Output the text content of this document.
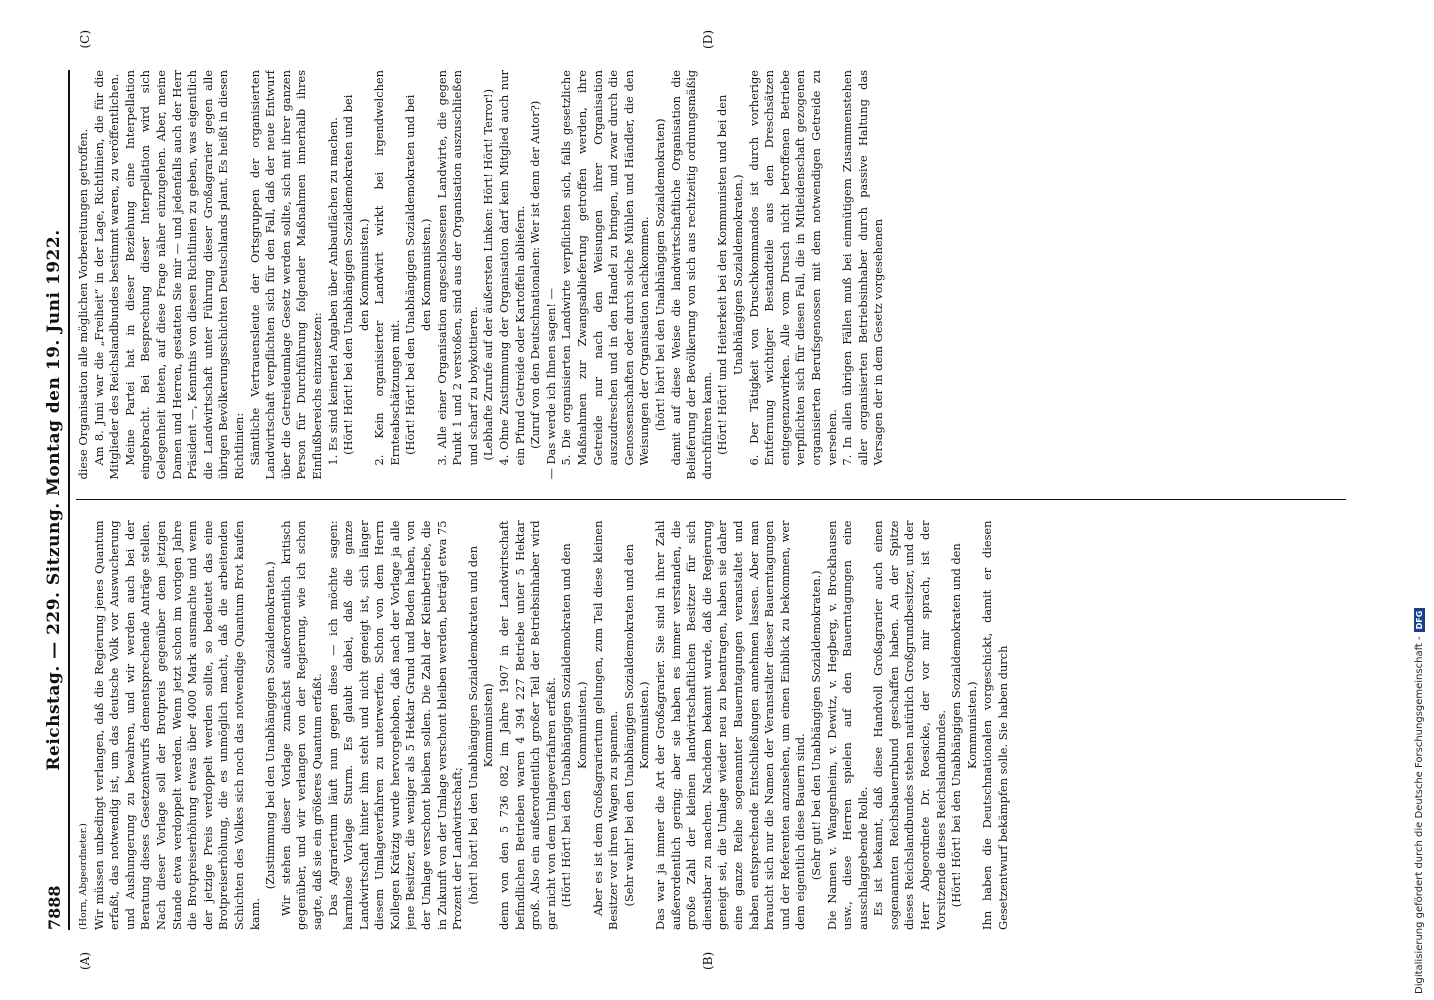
7888
Reichstag. — 229. Sitzung. Montag den 19. Juni 1922.
(A)	(B)
(C)	(D)

(Horn, Abgeordneter.) Wir müssen unbedingt verlangen, daß die Regierung jenes Quantum erfaßt, das notwendig ist, um das deutsche Volk vor Auswucherung und Aushungerung zu bewahren, und wir werden auch bei der Beratung dieses Gesetzentwurfs dementsprechende Anträge stellen. Nach dieser Vorlage soll der Brotpreis gegenüber dem jetzigen Stande etwa verdoppelt werden. Wenn jetzt schon im vorigen Jahre die Brotpreiserhöhung etwas über 4000 Mark ausmachte und wenn der jetzige Preis verdoppelt werden sollte, so bedeutet das eine Brotpreiserhöhung, die es unmöglich macht, daß die arbeitenden Schichten des Volkes sich noch das notwendige Quantum Brot kaufen kann.

(Zustimmung bei den Unabhängigen Sozialdemokraten.) Wir stehen dieser Vorlage zunächst außerordentlich kritisch gegenüber, und wir verlangen von der Regierung, wie ich schon sagte, daß sie ein größeres Quantum erfaßt. Das Agrariertum läuft nun gegen diese — ich möchte sagen: harmlose Vorlage Sturm. Es glaubt dabei, daß die ganze Landwirtschaft hinter ihm steht und nicht geneigt ist, sich länger diesem Umlageverfahren zu unterwerfen. Schon von dem Herrn Kollegen Krätzig wurde hervorgehoben, daß nach der Vorlage ja alle jene Besitzer, die weniger als 5 Hektar Grund und Boden haben, von der Umlage verschont bleiben sollen. Die Zahl der Kleinbetriebe, die in Zukunft von der Umlage verschont bleiben werden, beträgt etwa 75 Prozent der Landwirtschaft; (hört! hört! bei den Unabhängigen Sozialdemokraten und den Kommunisten) denn von den 5 736 082 im Jahre 1907 in der Landwirtschaft befindlichen Betrieben waren 4 394 227 Betriebe unter 5 Hektar groß. Also ein außerordentlich großer Teil der Betriebsinhaber wird gar nicht von dem Umlageverfahren erfaßt. (Hört! Hört! bei den Unabhängigen Sozialdemokraten und den Kommunisten.) Aber es ist dem Großagrariertum gelungen, zum Teil diese kleinen Besitzer vor ihren Wagen zu spannen. (Sehr wahr! bei den Unabhängigen Sozialdemokraten und den Kommunisten.) Das war ja immer die Art der Großagrarier. Sie sind in ihrer Zahl außerordentlich gering; aber sie haben es immer verstanden, die große Zahl der kleinen landwirtschaftlichen Besitzer für sich dienstbar zu machen. Nachdem bekannt wurde, daß die Regierung geneigt sei, die Umlage wieder neu zu beantragen, haben sie daher eine ganze Reihe sogenannter Bauerntagungen veranstaltet und haben entsprechende Entschließungen annehmen lassen. Aber man braucht sich nur die Namen der Veranstalter dieser Bauerntagungen und der Referenten anzusehen, um einen Einblick zu bekommen, wer dem eigentlich diese Bauern sind. (Sehr gut! bei den Unabhängigen Sozialdemokraten.) Die Namen v. Wangenheim, v. Dewitz, v. Hegberg, v. Brockhausen usw., diese Herren spielen auf den Bauerntagungen eine ausschlaggebende Rolle. Es ist bekannt, daß diese Handvoll Großagrarier auch einen sogenannten Reichsbauernbund geschaffen haben. An der Spitze dieses Reichslandbundes stehen natürlich Großgrundbesitzer, und der Herr Abgeordnete Dr. Roesicke, der vor mir sprach, ist der Vorsitzende dieses Reichslandbundes. (Hört! Hört! bei den Unabhängigen Sozialdemokraten und den Kommunisten.) Ihn haben die Deutschnationalen vorgeschickt, damit er diesen Gesetzentwurf bekämpfen solle. Sie haben durch

diese Organisation alle möglichen Vorbereitungen getroffen. Am 8. Juni war die „Freiheit“ in der Lage, Richtlinien, die für die Mitglieder des Reichslandbundes bestimmt waren, zu veröffentlichen. Meine Partei hat in dieser Beziehung eine Interpellation eingebracht. Bei Besprechung dieser Interpellation wird sich Gelegenheit bieten, auf diese Frage näher einzugehen. Aber, meine Damen und Herren, gestatten Sie mir — und jedenfalls auch der Herr Präsident —, Kenntnis von diesen Richtlinien zu geben, was eigentlich die Landwirtschaft unter Führung dieser Großagrarier gegen alle übrigen Bevölkerungsschichten Deutschlands plant. Es heißt in diesen Richtlinien: Sämtliche Vertrauensleute der Ortsgruppen der organisierten Landwirtschaft verpflichten sich für den Fall, daß der neue Entwurf über die Getreideumlage Gesetz werden sollte, sich mit ihrer ganzen Person für Durchführung folgender Maßnahmen innerhalb ihres Einflußbereichs einzusetzen: 1. Es sind keinerlei Angaben über Anbauflächen zu machen. (Hört! Hört! bei den Unabhängigen Sozialdemokraten und bei den Kommunisten.) 2. Kein organisierter Landwirt wirkt bei irgendwelchen Ernteabschätzungen mit. (Hört! Hört! bei den Unabhängigen Sozialdemokraten und bei den Kommunisten.) 3. Alle einer Organisation angeschlossenen Landwirte, die gegen Punkt 1 und 2 verstoßen, sind aus der Organisation auszuschließen und scharf zu boykottieren. (Lebhafte Zurufe auf der äußersten Linken: Hört! Hört! Terror!) 4. Ohne Zustimmung der Organisation darf kein Mitglied auch nur ein Pfund Getreide oder Kartoffeln abliefern. (Zuruf von den Deutschnationalen: Wer ist denn der Autor?) — Das werde ich Ihnen sagen! — 5. Die organisierten Landwirte verpflichten sich, falls gesetzliche Maßnahmen zur Zwangsablieferung getroffen werden, ihre Getreide nur nach den Weisungen ihrer Organisation auszudreschen und in den Handel zu bringen, und zwar durch die Genossenschaften oder durch solche Mühlen und Händler, die den Weisungen der Organisation nachkommen. (hört! hört! bei den Unabhängigen Sozialdemokraten) damit auf diese Weise die landwirtschaftliche Organisation die Belieferung der Bevölkerung von sich aus rechtzeitig ordnungsmäßig durchführen kann. (Hört! Hört! und Heiterkeit bei den Kommunisten und bei den Unabhängigen Sozialdemokraten.) 6. Der Tätigkeit von Druschkommandos ist durch vorherige Entfernung wichtiger Bestandteile aus den Dreschsätzen entgegenzuwirken. Alle vom Drusch nicht betroffenen Betriebe verpflichten sich für diesen Fall, die in Mitleidenschaft gezogenen organisierten Berufsgenossen mit dem notwendigen Getreide zu versehen. 7. In allen übrigen Fällen muß bei einmütigem Zusammenstehen aller organisierten Betriebsinhaber durch passive Haltung das Versagen der in dem Gesetz vorgesehenen

Digitalisierung gefördert durch die Deutsche Forschungsgemeinschaft -
DFG
